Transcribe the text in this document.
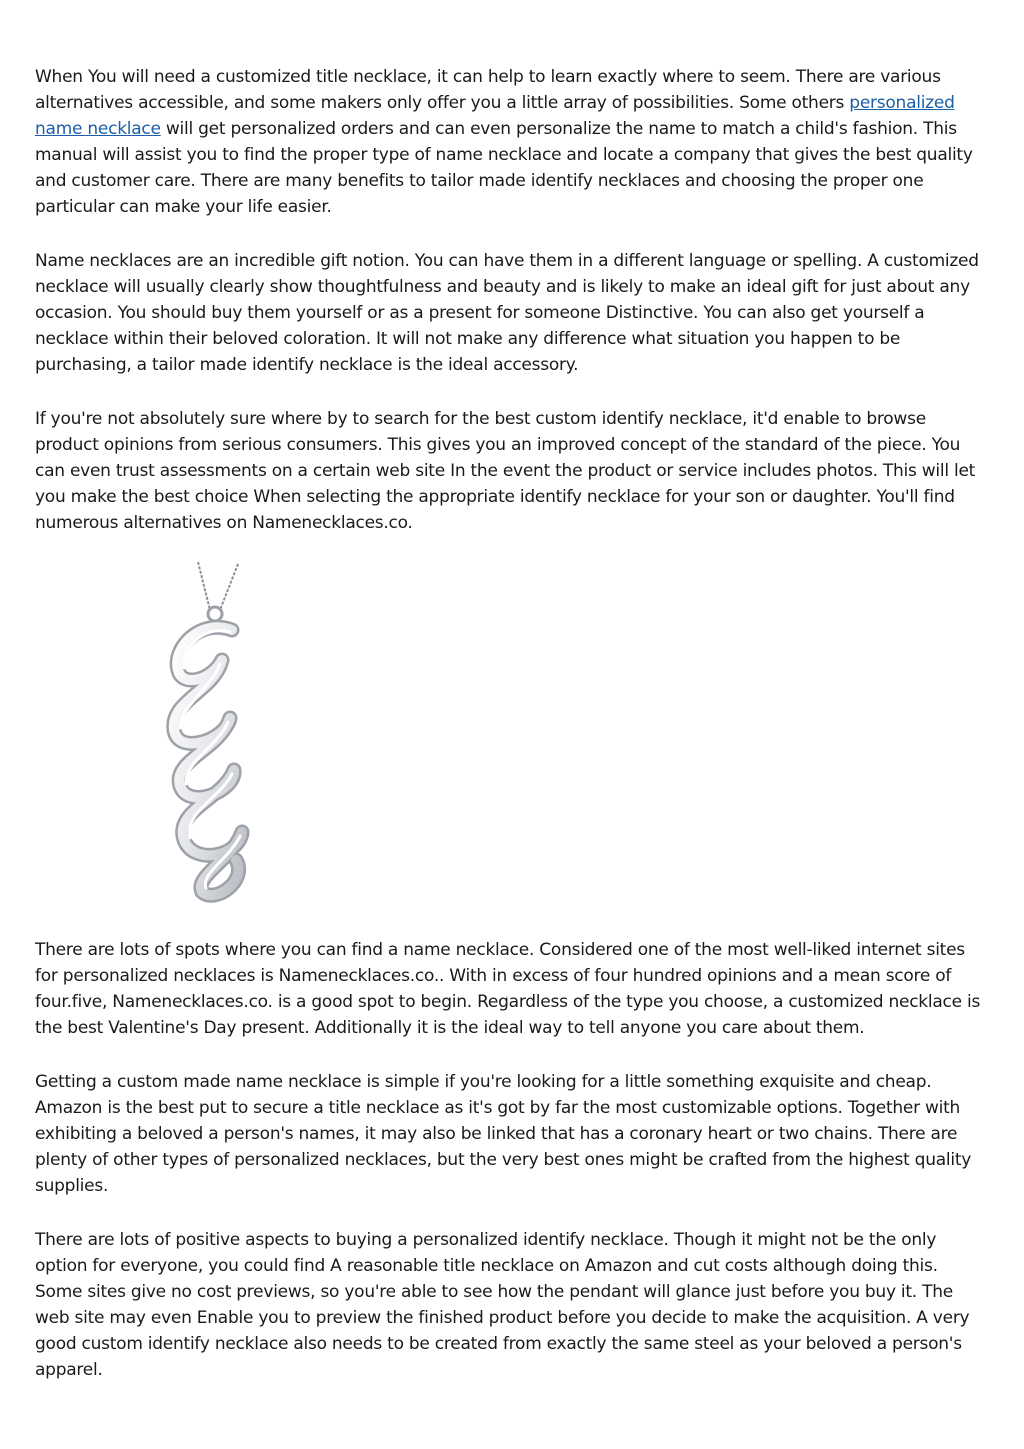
When You will need a customized title necklace, it can help to learn exactly where to seem. There are various alternatives accessible, and some makers only offer you a little array of possibilities. Some others personalized name necklace will get personalized orders and can even personalize the name to match a child's fashion. This manual will assist you to find the proper type of name necklace and locate a company that gives the best quality and customer care. There are many benefits to tailor made identify necklaces and choosing the proper one particular can make your life easier.

Name necklaces are an incredible gift notion. You can have them in a different language or spelling. A customized necklace will usually clearly show thoughtfulness and beauty and is likely to make an ideal gift for just about any occasion. You should buy them yourself or as a present for someone Distinctive. You can also get yourself a necklace within their beloved coloration. It will not make any difference what situation you happen to be purchasing, a tailor made identify necklace is the ideal accessory.

If you're not absolutely sure where by to search for the best custom identify necklace, it'd enable to browse product opinions from serious consumers. This gives you an improved concept of the standard of the piece. You can even trust assessments on a certain web site In the event the product or service includes photos. This will let you make the best choice When selecting the appropriate identify necklace for your son or daughter. You'll find numerous alternatives on Namenecklaces.co.

There are lots of spots where you can find a name necklace. Considered one of the most well-liked internet sites for personalized necklaces is Namenecklaces.co.. With in excess of four hundred opinions and a mean score of four.five, Namenecklaces.co. is a good spot to begin. Regardless of the type you choose, a customized necklace is the best Valentine's Day present. Additionally it is the ideal way to tell anyone you care about them.

Getting a custom made name necklace is simple if you're looking for a little something exquisite and cheap. Amazon is the best put to secure a title necklace as it's got by far the most customizable options. Together with exhibiting a beloved a person's names, it may also be linked that has a coronary heart or two chains. There are plenty of other types of personalized necklaces, but the very best ones might be crafted from the highest quality supplies.

There are lots of positive aspects to buying a personalized identify necklace. Though it might not be the only option for everyone, you could find A reasonable title necklace on Amazon and cut costs although doing this. Some sites give no cost previews, so you're able to see how the pendant will glance just before you buy it. The web site may even Enable you to preview the finished product before you decide to make the acquisition. A very good custom identify necklace also needs to be created from exactly the same steel as your beloved a person's apparel.
